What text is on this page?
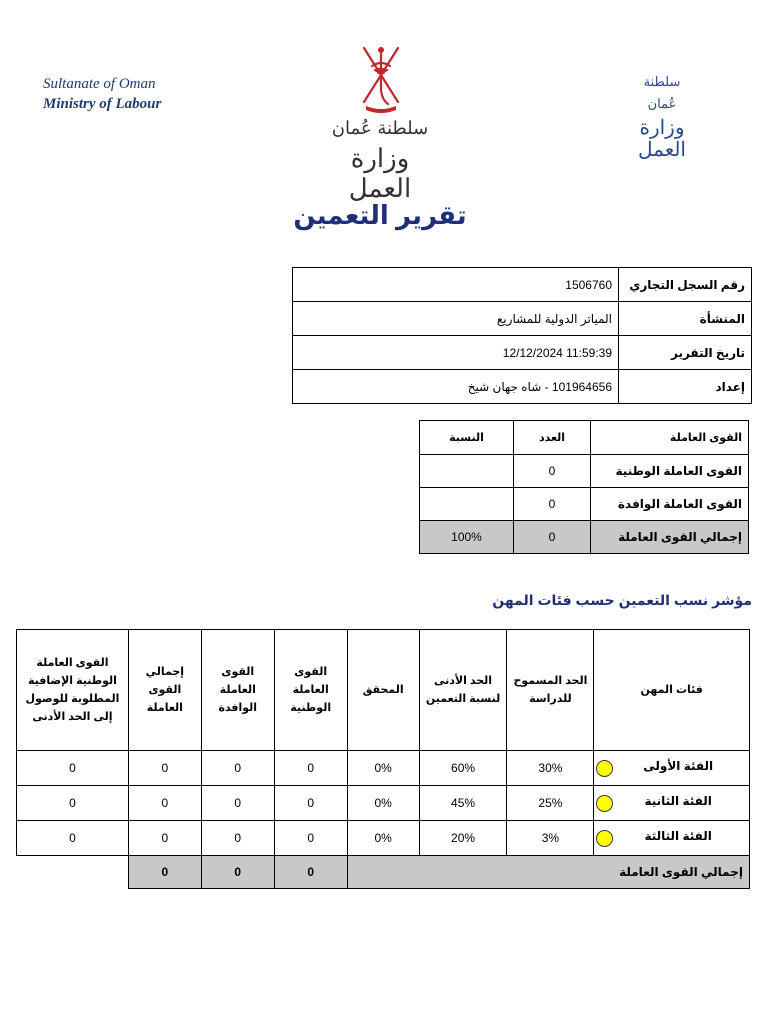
Sultanate of Oman
Ministry of Labour
سلطنة عُمان
وزارة العمل
سلطنة عُمان
وزارة العمل
تقرير التعمين
رقم السجل التجاري	1506760
المنشأة	المياتر الدولية للمشاريع
تاريخ التقرير	12/12/2024 11:59:39
إعداد	101964656 - شاه جهان شيخ
القوى العاملة	العدد	النسبة
القوى العاملة الوطنية	0	
القوى العاملة الوافدة	0	
إجمالي القوى العاملة	0	100%
مؤشر نسب التعمين حسب فئات المهن
فئات المهن	الحد المسموح للدراسة	الحد الأدنى لنسبة التعمين	المحقق	القوى العاملة الوطنية	القوى العاملة الوافدة	إجمالي القوى العاملة	القوى العاملة الوطنية الإضافية المطلوبة للوصول إلى الحد الأدنى
الفئة الأولى	30%	60%	0%	0	0	0	0
الفئة الثانية	25%	45%	0%	0	0	0	0
الفئة الثالثة	3%	20%	0%	0	0	0	0
إجمالي القوى العاملة				0	0	0	
